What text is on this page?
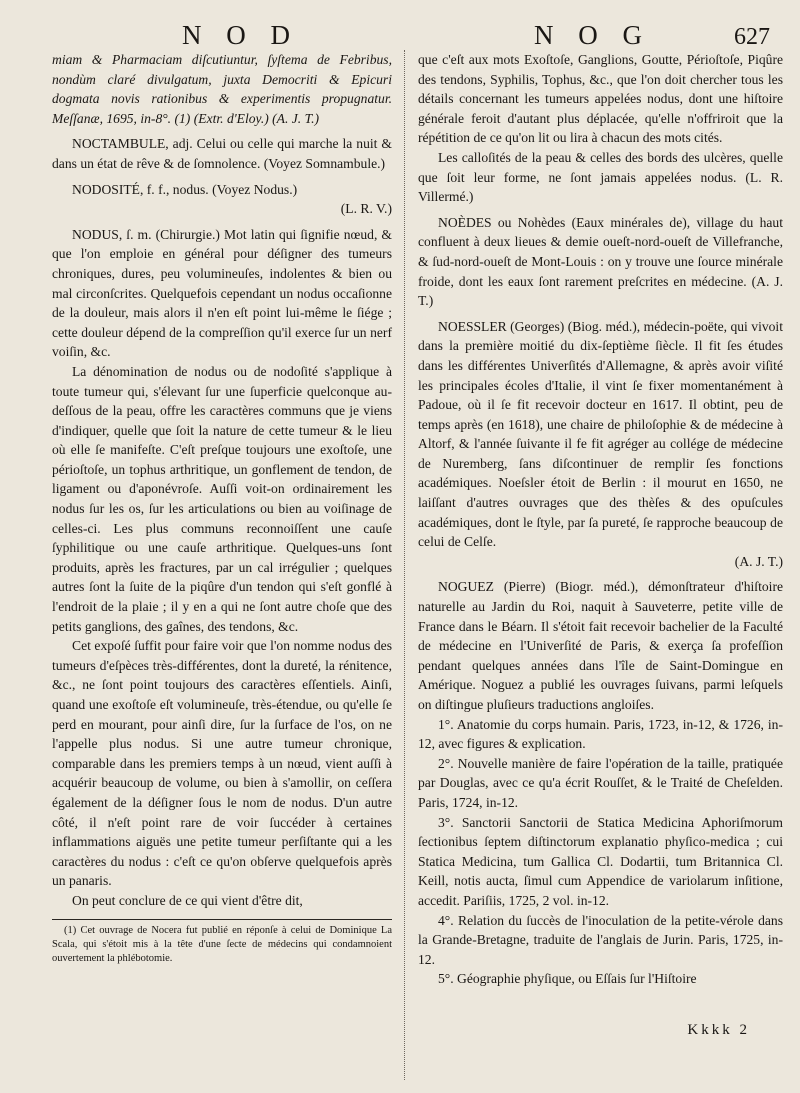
N O D	N O G	627

miam & Pharmaciam diſcutiuntur, ſyſtema de Febribus, nondùm claré divulgatum, juxta Democriti & Epicuri dogmata novis rationibus & experimentis propugnatur. Meſſanæ, 1695, in-8°. (1) (Extr. d'Eloy.) (A. J. T.)

NOCTAMBULE, adj. Celui ou celle qui marche la nuit & dans un état de rêve & de ſomnolence. (Voyez Somnambule.)

NODOSITÉ, f. f., nodus. (Voyez Nodus.)

(L. R. V.)

NODUS, ſ. m. (Chirurgie.) Mot latin qui ſignifie nœud, & que l'on emploie en général pour déſigner des tumeurs chroniques, dures, peu volumineuſes, indolentes & bien ou mal circonſcrites. Quelquefois cependant un nodus occaſionne de la douleur, mais alors il n'en eſt point lui-même le ſiége ; cette douleur dépend de la compreſſion qu'il exerce ſur un nerf voiſin, &c.

La dénomination de nodus ou de nodoſité s'applique à toute tumeur qui, s'élevant ſur une ſuperficie quelconque au-deſſous de la peau, offre les caractères communs que je viens d'indiquer, quelle que ſoit la nature de cette tumeur & le lieu où elle ſe manifeſte. C'eſt preſque toujours une exoſtoſe, une périoſtoſe, un tophus arthritique, un gonflement de tendon, de ligament ou d'aponévroſe. Auſſi voit-on ordinairement les nodus ſur les os, ſur les articulations ou bien au voiſinage de celles-ci. Les plus communs reconnoiſſent une cauſe ſyphilitique ou une cauſe arthritique. Quelques-uns ſont produits, après les fractures, par un cal irrégulier ; quelques autres ſont la ſuite de la piqûre d'un tendon qui s'eſt gonflé à l'endroit de la plaie ; il y en a qui ne ſont autre choſe que des petits ganglions, des gaînes, des tendons, &c.

Cet expoſé ſuffit pour faire voir que l'on nomme nodus des tumeurs d'eſpèces très-différentes, dont la dureté, la rénitence, &c., ne ſont point toujours des caractères eſſentiels. Ainſi, quand une exoſtoſe eſt volumineuſe, très-étendue, ou qu'elle ſe perd en mourant, pour ainſi dire, ſur la ſurface de l'os, on ne l'appelle plus nodus. Si une autre tumeur chronique, comparable dans les premiers temps à un nœud, vient auſſi à acquérir beaucoup de volume, ou bien à s'amollir, on ceſſera également de la déſigner ſous le nom de nodus. D'un autre côté, il n'eſt point rare de voir ſuccéder à certaines inflammations aiguës une petite tumeur perſiſtante qui a les caractères du nodus : c'eſt ce qu'on obſerve quelquefois après un panaris.

On peut conclure de ce qui vient d'être dit,

(1) Cet ouvrage de Nocera fut publié en réponſe à celui de Dominique La Scala, qui s'étoit mis à la tête d'une ſecte de médecins qui condamnoient ouvertement la phlébotomie.

que c'eſt aux mots Exoſtoſe, Ganglions, Goutte, Périoſtoſe, Piqûre des tendons, Syphilis, Tophus, &c., que l'on doit chercher tous les détails concernant les tumeurs appelées nodus, dont une hiſtoire générale feroit d'autant plus déplacée, qu'elle n'offriroit que la répétition de ce qu'on lit ou lira à chacun des mots cités.

Les calloſités de la peau & celles des bords des ulcères, quelle que ſoit leur forme, ne ſont jamais appelées nodus. (L. R. Villermé.)

NOÈDES ou Nohèdes (Eaux minérales de), village du haut confluent à deux lieues & demie oueſt-nord-oueſt de Villefranche, & ſud-nord-oueſt de Mont-Louis : on y trouve une ſource minérale froide, dont les eaux ſont rarement preſcrites en médecine. (A. J. T.)

NOESSLER (Georges) (Biog. méd.), médecin-poëte, qui vivoit dans la première moitié du dix-ſeptième ſiècle. Il fit ſes études dans les différentes Univerſités d'Allemagne, & après avoir viſité les principales écoles d'Italie, il vint ſe fixer momentanément à Padoue, où il ſe fit recevoir docteur en 1617. Il obtint, peu de temps après (en 1618), une chaire de philoſophie & de médecine à Altorf, & l'année ſuivante il fe fit agréger au collége de médecine de Nuremberg, ſans diſcontinuer de remplir ſes fonctions académiques. Noeſsler étoit de Berlin : il mourut en 1650, ne laiſſant d'autres ouvrages que des thèſes & des opuſcules académiques, dont le ſtyle, par ſa pureté, ſe rapproche beaucoup de celui de Celſe.

(A. J. T.)

NOGUEZ (Pierre) (Biogr. méd.), démonſtrateur d'hiſtoire naturelle au Jardin du Roi, naquit à Sauveterre, petite ville de France dans le Béarn. Il s'étoit fait recevoir bachelier de la Faculté de médecine en l'Univerſité de Paris, & exerça ſa profeſſion pendant quelques années dans l'île de Saint-Domingue en Amérique. Noguez a publié les ouvrages ſuivans, parmi leſquels on diſtingue pluſieurs traductions angloiſes.

1°. Anatomie du corps humain. Paris, 1723, in-12, & 1726, in-12, avec figures & explication.

2°. Nouvelle manière de faire l'opération de la taille, pratiquée par Douglas, avec ce qu'a écrit Rouſſet, & le Traité de Cheſelden. Paris, 1724, in-12.

3°. Sanctorii Sanctorii de Statica Medicina Aphoriſmorum ſectionibus ſeptem diſtinctorum explanatio phyſico-medica ; cui Statica Medicina, tum Gallica Cl. Dodartii, tum Britannica Cl. Keill, notis aucta, ſimul cum Appendice de variolarum inſitione, accedit. Pariſiis, 1725, 2 vol. in-12.

4°. Relation du ſuccès de l'inoculation de la petite-vérole dans la Grande-Bretagne, traduite de l'anglais de Jurin. Paris, 1725, in-12.

5°. Géographie phyſique, ou Eſſais ſur l'Hiſtoire

Kkkk 2
